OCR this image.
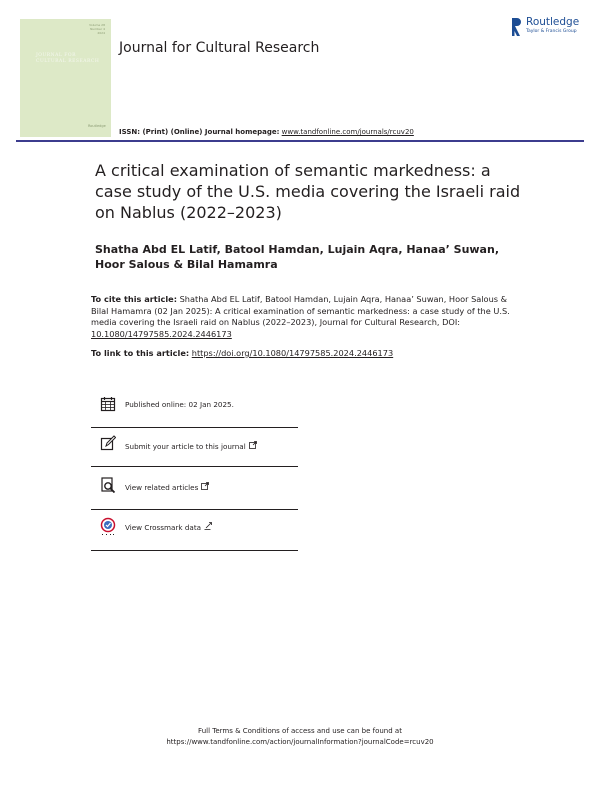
Volume 28
Number 4
2024
JOURNAL FOR
CULTURAL RESEARCH
Routledge
Journal for Cultural Research
Routledge
Taylor & Francis Group
ISSN: (Print) (Online) Journal homepage: www.tandfonline.com/journals/rcuv20
A critical examination of semantic markedness: a case study of the U.S. media covering the Israeli raid on Nablus (2022–2023)
Shatha Abd EL Latif, Batool Hamdan, Lujain Aqra, Hanaa’ Suwan, Hoor Salous & Bilal Hamamra
To cite this article: Shatha Abd EL Latif, Batool Hamdan, Lujain Aqra, Hanaa’ Suwan, Hoor Salous & Bilal Hamamra (02 Jan 2025): A critical examination of semantic markedness: a case study of the U.S. media covering the Israeli raid on Nablus (2022–2023), Journal for Cultural Research, DOI: 10.1080/14797585.2024.2446173
To link to this article: https://doi.org/10.1080/14797585.2024.2446173
Published online: 02 Jan 2025.
Submit your article to this journal
View related articles
View Crossmark data
Full Terms & Conditions of access and use can be found at
https://www.tandfonline.com/action/journalInformation?journalCode=rcuv20
